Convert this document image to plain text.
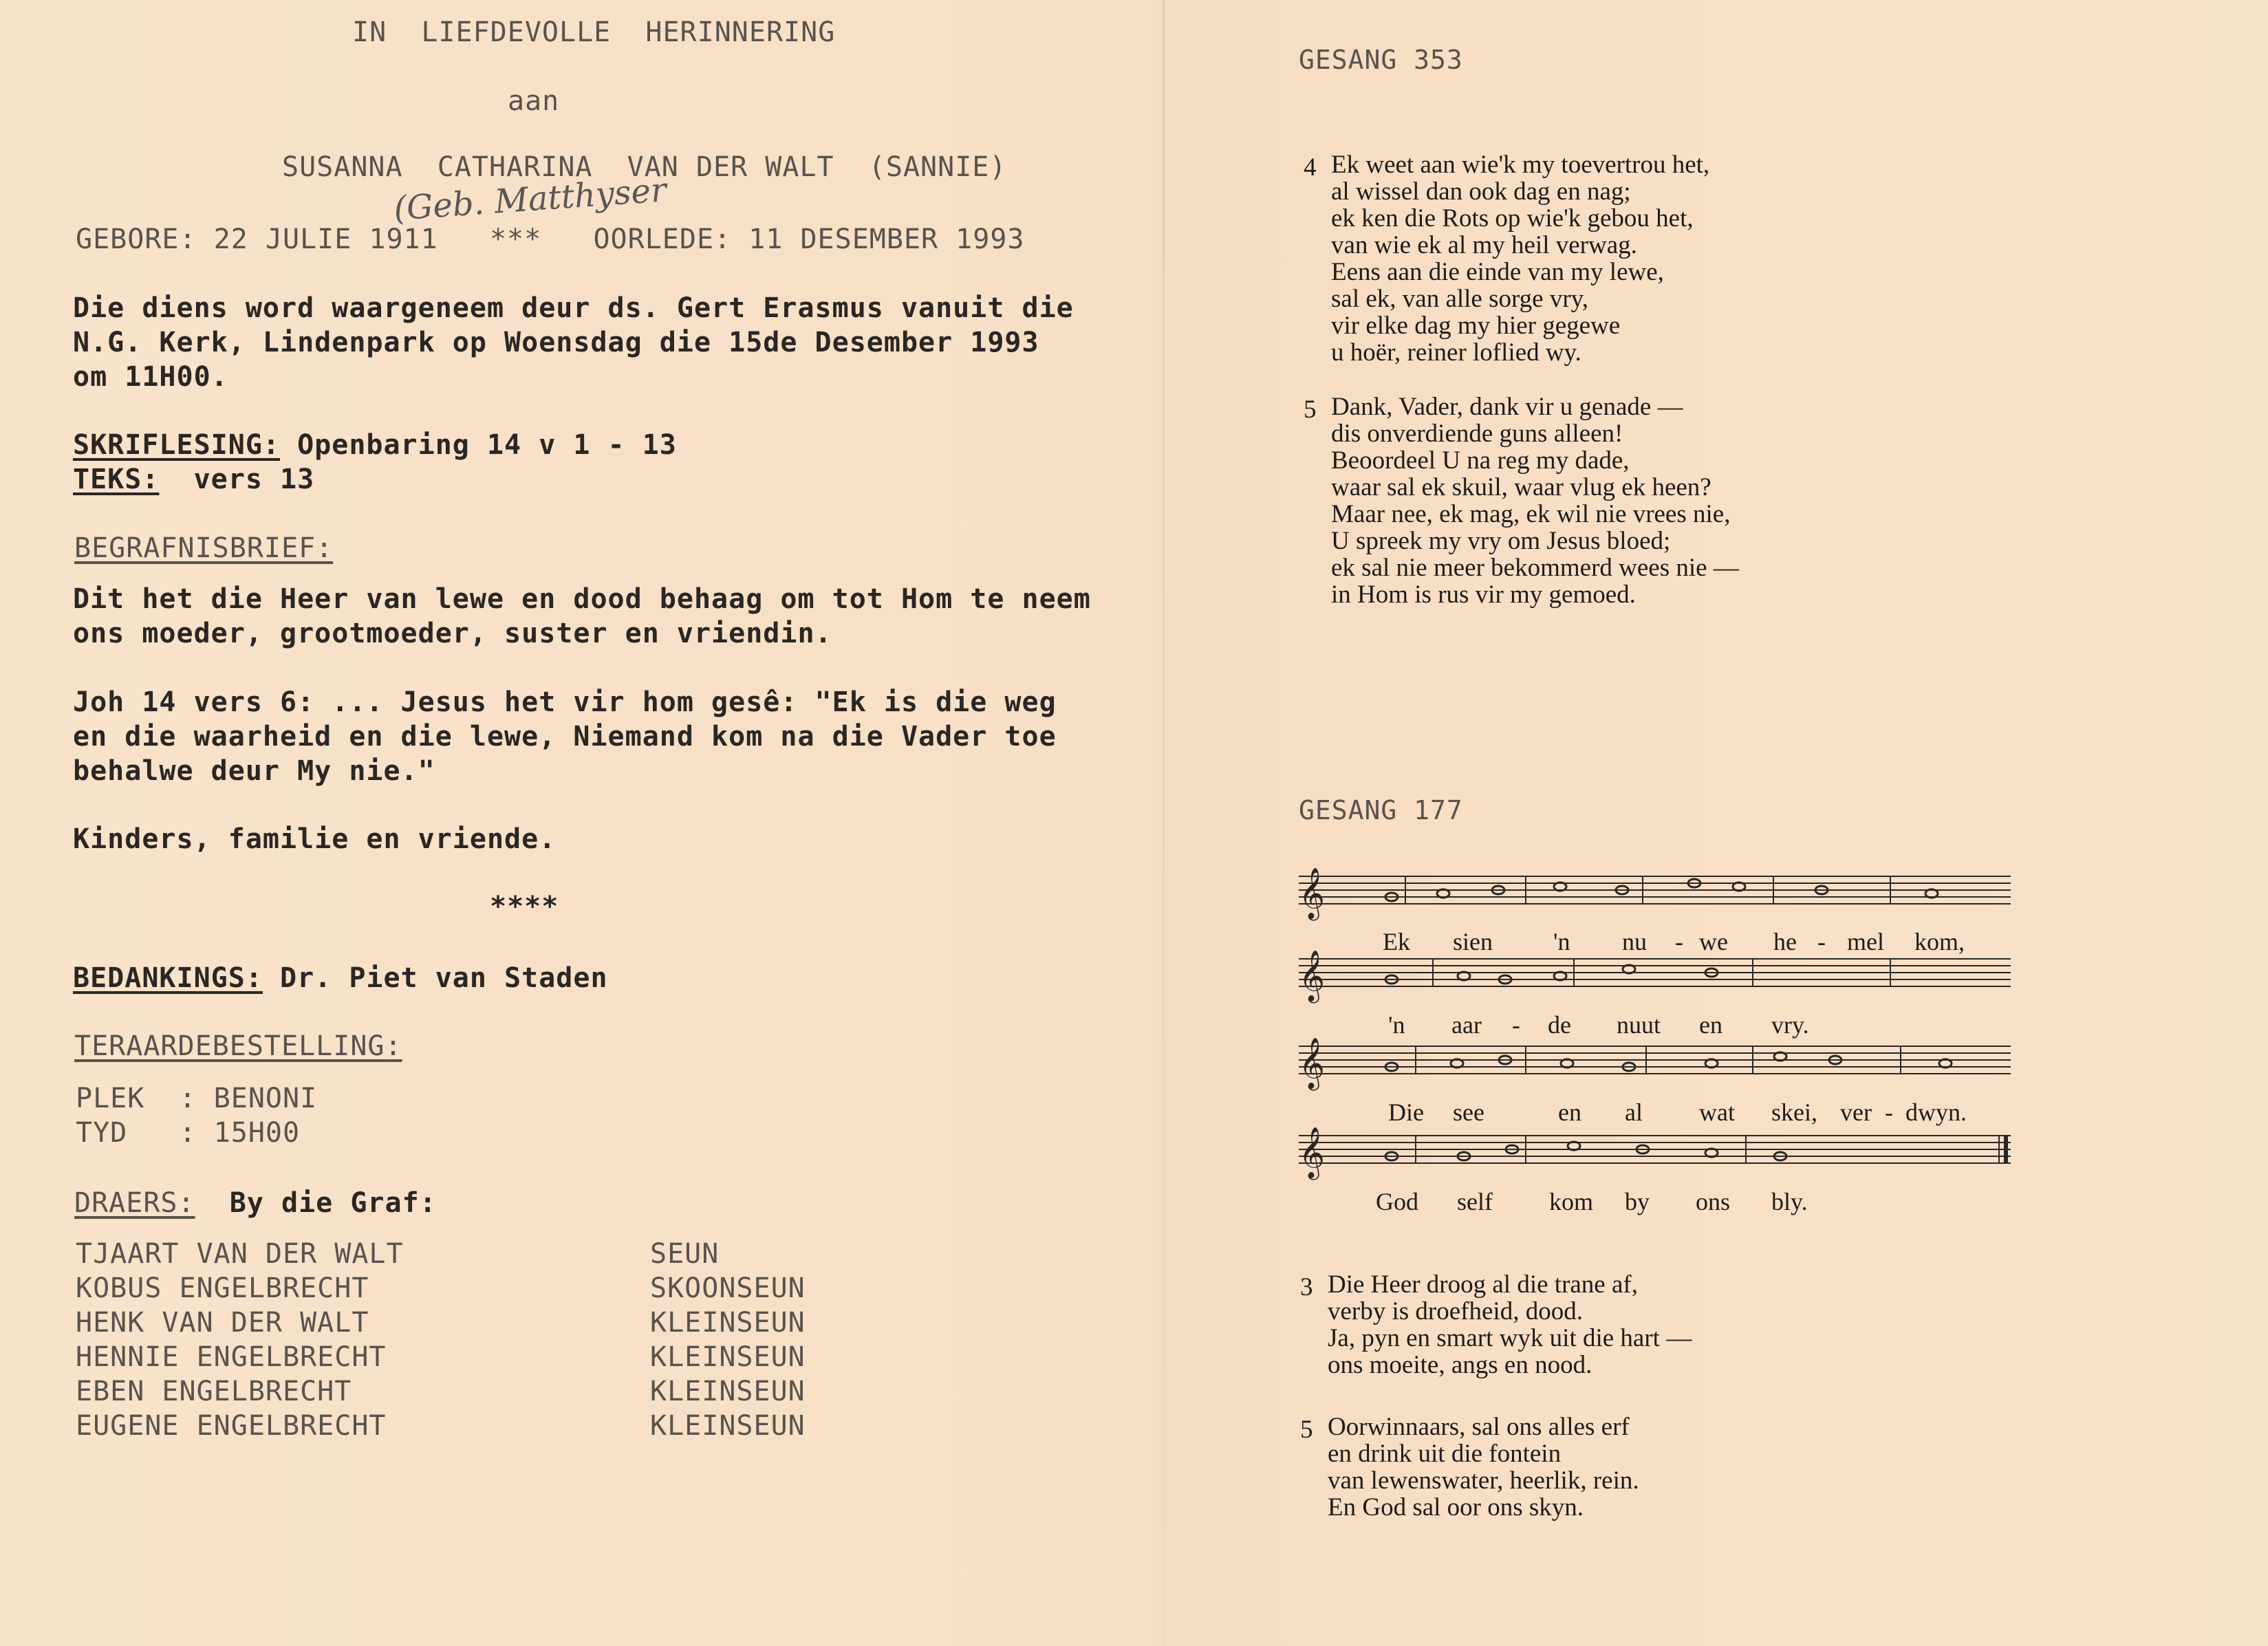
IN  LIEFDEVOLLE  HERINNERING
aan
SUSANNA  CATHARINA  VAN DER WALT  (SANNIE)
(Geb. Matthyser
GEBORE: 22 JULIE 1911   ***   OORLEDE: 11 DESEMBER 1993
Die diens word waargeneem deur ds. Gert Erasmus vanuit die
N.G. Kerk, Lindenpark op Woensdag die 15de Desember 1993
om 11H00.
SKRIFLESING: Openbaring 14 v 1 - 13
TEKS:  vers 13
BEGRAFNISBRIEF:
Dit het die Heer van lewe en dood behaag om tot Hom te neem
ons moeder, grootmoeder, suster en vriendin.
Joh 14 vers 6: ... Jesus het vir hom gesê: "Ek is die weg
en die waarheid en die lewe, Niemand kom na die Vader toe
behalwe deur My nie."
Kinders, familie en vriende.
****
BEDANKINGS: Dr. Piet van Staden
TERAARDEBESTELLING:
PLEK  : BENONI
TYD   : 15H00
DRAERS:  By die Graf:
TJAART VAN DER WALT	SEUN
KOBUS ENGELBRECHT	SKOONSEUN
HENK VAN DER WALT	KLEINSEUN
HENNIE ENGELBRECHT	KLEINSEUN
EBEN ENGELBRECHT	KLEINSEUN
EUGENE ENGELBRECHT	KLEINSEUN
GESANG 353
4 Ek weet aan wie'k my toevertrou het,
al wissel dan ook dag en nag;
ek ken die Rots op wie'k gebou het,
van wie ek al my heil verwag.
Eens aan die einde van my lewe,
sal ek, van alle sorge vry,
vir elke dag my hier gegewe
u hoër, reiner loflied wy.
5 Dank, Vader, dank vir u genade —
dis onverdiende guns alleen!
Beoordeel U na reg my dade,
waar sal ek skuil, waar vlug ek heen?
Maar nee, ek mag, ek wil nie vrees nie,
U spreek my vry om Jesus bloed;
ek sal nie meer bekommerd wees nie —
in Hom is rus vir my gemoed.
GESANG 177
𝄞
𝄞
𝄞
𝄞
Ek sien 'n nu - we he - mel kom,
'n aar - de nuut en vry.
Die see	en al wat skei, ver - dwyn.
God self kom by ons bly.
3 Die Heer droog al die trane af,
verby is droefheid, dood.
Ja, pyn en smart wyk uit die hart —
ons moeite, angs en nood.
5 Oorwinnaars, sal ons alles erf
en drink uit die fontein
van lewenswater, heerlik, rein.
En God sal oor ons skyn.
